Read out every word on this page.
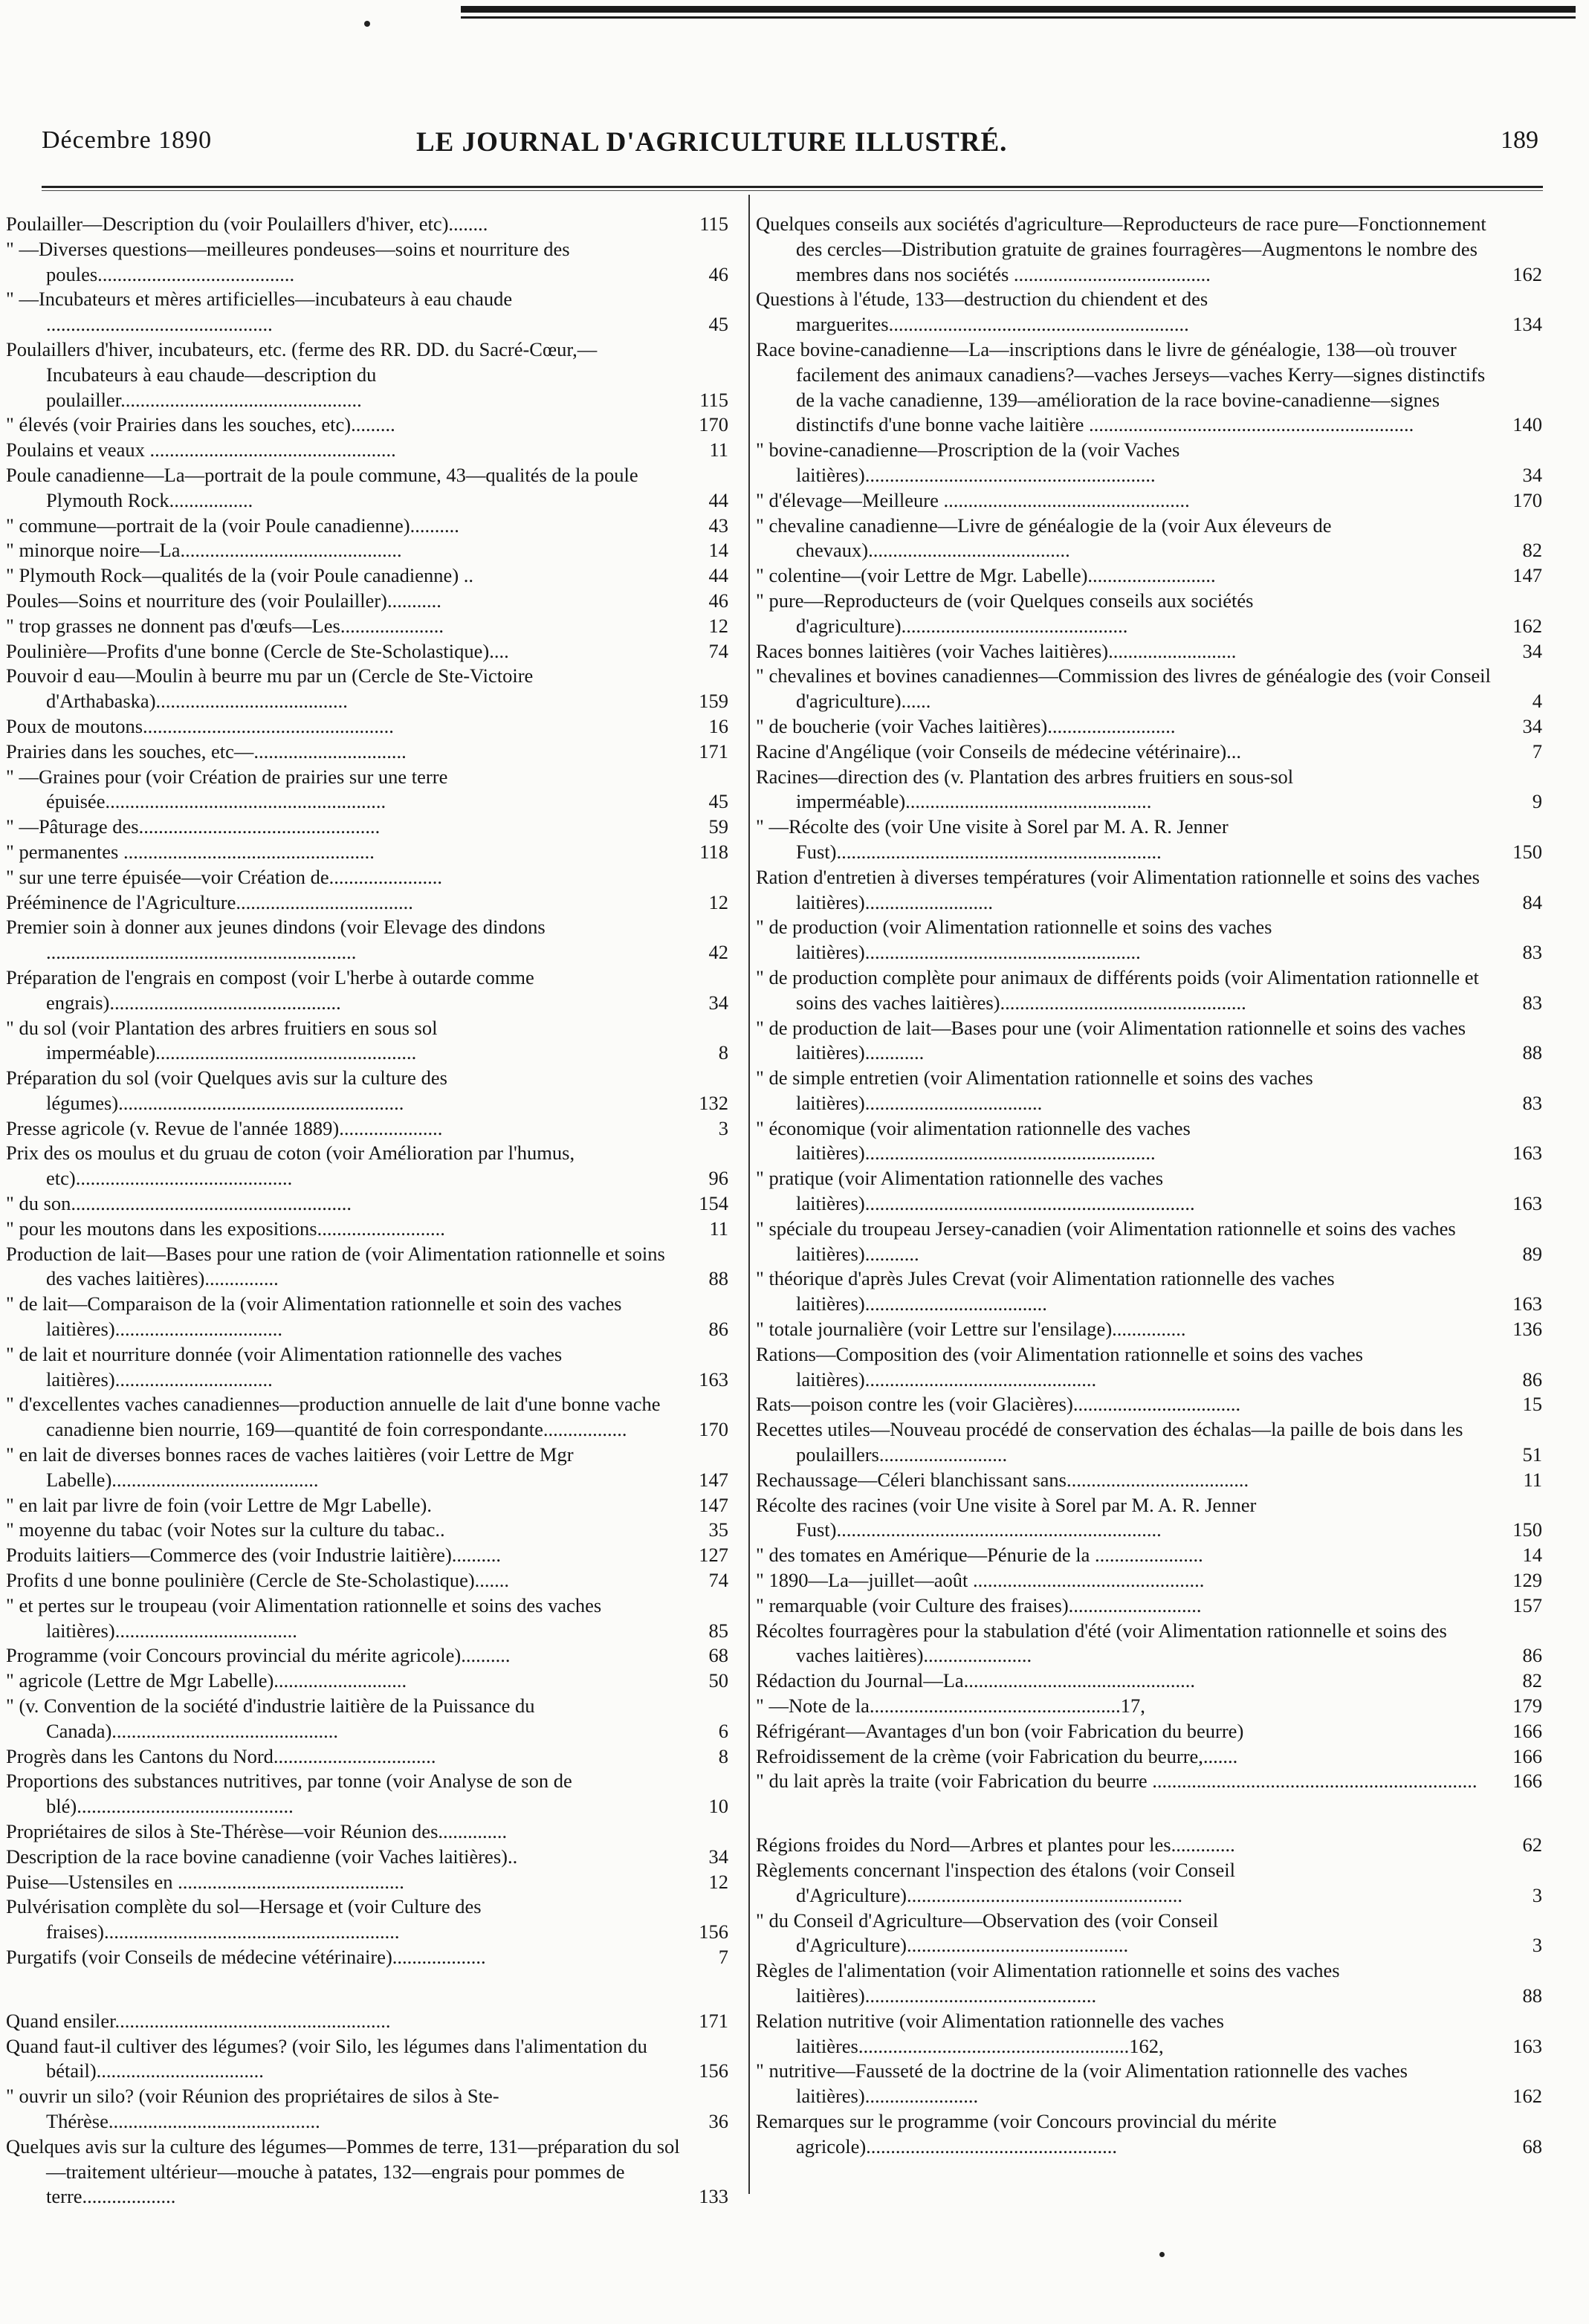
Décembre 1890	LE JOURNAL D'AGRICULTURE ILLUSTRÉ.	189
Poulailler—Description du (voir Poulaillers d'hiver, etc)........	115
" —Diverses questions—meilleures pondeuses—soins et nourriture des poules........................................	46
" —Incubateurs et mères artificielles—incubateurs à eau chaude ..............................................	45
Poulaillers d'hiver, incubateurs, etc. (ferme des RR. DD. du Sacré-Cœur,—Incubateurs à eau chaude—description du poulailler.................................................	115
" élevés (voir Prairies dans les souches, etc).........	170
Poulains et veaux ..................................................	11
Poule canadienne—La—portrait de la poule commune, 43—qualités de la poule Plymouth Rock.................	44
" commune—portrait de la (voir Poule canadienne)..........	43
" minorque noire—La.............................................	14
" Plymouth Rock—qualités de la (voir Poule canadienne) ..	44
Poules—Soins et nourriture des (voir Poulailler)...........	46
" trop grasses ne donnent pas d'œufs—Les.....................	12
Poulinière—Profits d'une bonne (Cercle de Ste-Scholastique)....	74
Pouvoir d eau—Moulin à beurre mu par un (Cercle de Ste-Victoire d'Arthabaska).......................................	159
Poux de moutons...................................................	16
Prairies dans les souches, etc—...............................	171
" —Graines pour (voir Création de prairies sur une terre épuisée.........................................................	45
" —Pâturage des.................................................	59
" permanentes ...................................................	118
" sur une terre épuisée—voir Création de.......................
Prééminence de l'Agriculture....................................	12
Premier soin à donner aux jeunes dindons (voir Elevage des dindons ...............................................................	42
Préparation de l'engrais en compost (voir L'herbe à outarde comme engrais)...............................................	34
" du sol (voir Plantation des arbres fruitiers en sous sol imperméable).....................................................	8
Préparation du sol (voir Quelques avis sur la culture des légumes)..........................................................	132
Presse agricole (v. Revue de l'année 1889).....................	3
Prix des os moulus et du gruau de coton (voir Amélioration par l'humus, etc)............................................	96
" du son.........................................................	154
" pour les moutons dans les expositions..........................	11
Production de lait—Bases pour une ration de (voir Alimentation rationnelle et soins des vaches laitières)...............	88
" de lait—Comparaison de la (voir Alimentation rationnelle et soin des vaches laitières)..................................	86
" de lait et nourriture donnée (voir Alimentation rationnelle des vaches laitières)................................	163
" d'excellentes vaches canadiennes—production annuelle de lait d'une bonne vache canadienne bien nourrie, 169—quantité de foin correspondante.................	170
" en lait de diverses bonnes races de vaches laitières (voir Lettre de Mgr Labelle)..........................................	147
" en lait par livre de foin (voir Lettre de Mgr Labelle).	147
" moyenne du tabac (voir Notes sur la culture du tabac..	35
Produits laitiers—Commerce des (voir Industrie laitière)..........	127
Profits d une bonne poulinière (Cercle de Ste-Scholastique).......	74
" et pertes sur le troupeau (voir Alimentation rationnelle et soins des vaches laitières).....................................	85
Programme (voir Concours provincial du mérite agricole)..........	68
" agricole (Lettre de Mgr Labelle)...........................	50
" (v. Convention de la société d'industrie laitière de la Puissance du Canada)..............................................	6
Progrès dans les Cantons du Nord.................................	8
Proportions des substances nutritives, par tonne (voir Analyse de son de blé)............................................	10
Propriétaires de silos à Ste-Thérèse—voir Réunion des..............
Description de la race bovine canadienne (voir Vaches laitières)..	34
Puise—Ustensiles en ..............................................	12
Pulvérisation complète du sol—Hersage et (voir Culture des fraises)............................................................	156
Purgatifs (voir Conseils de médecine vétérinaire)...................	7
Quand ensiler........................................................	171
Quand faut-il cultiver des légumes? (voir Silo, les légumes dans l'alimentation du bétail)..................................	156
" ouvrir un silo? (voir Réunion des propriétaires de silos à Ste-Thérèse...........................................	36
Quelques avis sur la culture des légumes—Pommes de terre, 131—préparation du sol—traitement ultérieur—mouche à patates, 132—engrais pour pommes de terre...................	133
Quelques conseils aux sociétés d'agriculture—Reproducteurs de race pure—Fonctionnement des cercles—Distribution gratuite de graines fourragères—Augmentons le nombre des membres dans nos sociétés ........................................	162
Questions à l'étude, 133—destruction du chiendent et des marguerites.............................................................	134
Race bovine-canadienne—La—inscriptions dans le livre de généalogie, 138—où trouver facilement des animaux canadiens?—vaches Jerseys—vaches Kerry—signes distinctifs de la vache canadienne, 139—amélioration de la race bovine-canadienne—signes distinctifs d'une bonne vache laitière ..................................................................	140
" bovine-canadienne—Proscription de la (voir Vaches laitières)...........................................................	34
" d'élevage—Meilleure ..................................................	170
" chevaline canadienne—Livre de généalogie de la (voir Aux éleveurs de chevaux).........................................	82
" colentine—(voir Lettre de Mgr. Labelle)..........................	147
" pure—Reproducteurs de (voir Quelques conseils aux sociétés d'agriculture)..............................................	162
Races bonnes laitières (voir Vaches laitières)..........................	34
" chevalines et bovines canadiennes—Commission des livres de généalogie des (voir Conseil d'agriculture)......	4
" de boucherie (voir Vaches laitières)..........................	34
Racine d'Angélique (voir Conseils de médecine vétérinaire)...	7
Racines—direction des (v. Plantation des arbres fruitiers en sous-sol imperméable)..................................................	9
" —Récolte des (voir Une visite à Sorel par M. A. R. Jenner Fust)..................................................................	150
Ration d'entretien à diverses températures (voir Alimentation rationnelle et soins des vaches laitières)..........................	84
" de production (voir Alimentation rationnelle et soins des vaches laitières)........................................................	83
" de production complète pour animaux de différents poids (voir Alimentation rationnelle et soins des vaches laitières)..................................................	83
" de production de lait—Bases pour une (voir Alimentation rationnelle et soins des vaches laitières)............	88
" de simple entretien (voir Alimentation rationnelle et soins des vaches laitières)....................................	83
" économique (voir alimentation rationnelle des vaches laitières)...........................................................	163
" pratique (voir Alimentation rationnelle des vaches laitières)...................................................................	163
" spéciale du troupeau Jersey-canadien (voir Alimentation rationnelle et soins des vaches laitières)...........	89
" théorique d'après Jules Crevat (voir Alimentation rationnelle des vaches laitières).....................................	163
" totale journalière (voir Lettre sur l'ensilage)...............	136
Rations—Composition des (voir Alimentation rationnelle et soins des vaches laitières)...............................................	86
Rats—poison contre les (voir Glacières)..................................	15
Recettes utiles—Nouveau procédé de conservation des échalas—la paille de bois dans les poulaillers..........................	51
Rechaussage—Céleri blanchissant sans.....................................	11
Récolte des racines (voir Une visite à Sorel par M. A. R. Jenner Fust)..................................................................	150
" des tomates en Amérique—Pénurie de la ......................	14
" 1890—La—juillet—août ...............................................	129
" remarquable (voir Culture des fraises)...........................	157
Récoltes fourragères pour la stabulation d'été (voir Alimentation rationnelle et soins des vaches laitières)......................	86
Rédaction du Journal—La...............................................	82
" —Note de la...................................................17,	179
Réfrigérant—Avantages d'un bon (voir Fabrication du beurre)	166
Refroidissement de la crème (voir Fabrication du beurre,.......	166
" du lait après la traite (voir Fabrication du beurre ..................................................................	166
Régions froides du Nord—Arbres et plantes pour les.............	62
Règlements concernant l'inspection des étalons (voir Conseil d'Agriculture)........................................................	3
" du Conseil d'Agriculture—Observation des (voir Conseil d'Agriculture).............................................	3
Règles de l'alimentation (voir Alimentation rationnelle et soins des vaches laitières)...............................................	88
Relation nutritive (voir Alimentation rationnelle des vaches laitières.......................................................162,	163
" nutritive—Fausseté de la doctrine de la (voir Alimentation rationnelle des vaches laitières).......................	162
Remarques sur le programme (voir Concours provincial du mérite agricole)...................................................	68
